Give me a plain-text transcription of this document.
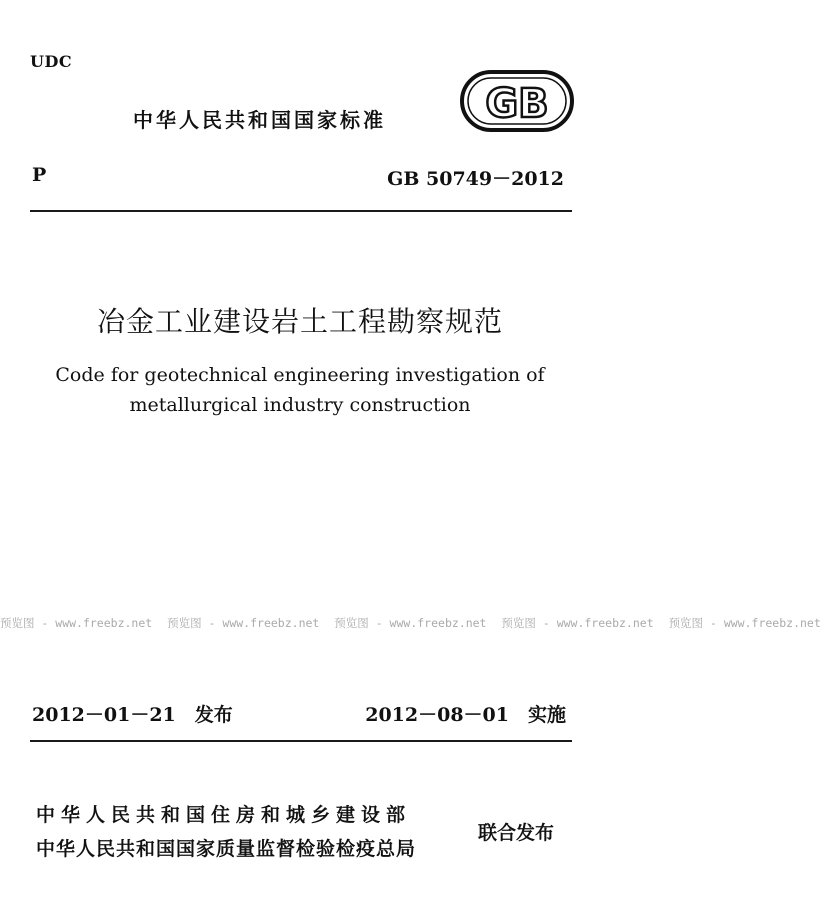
UDC
中华人民共和国国家标准 GB
P	GB 50749－2012
冶金工业建设岩土工程勘察规范
Code for geotechnical engineering investigation of
metallurgical industry construction
预览图 - www.freebz.net 预览图 - www.freebz.net 预览图 - www.freebz.net 预览图 - www.freebz.net 预览图 - www.freebz.net
2012－01－21　发布	2012－08－01　实施
中华人民共和国住房和城乡建设部
中华人民共和国国家质量监督检验检疫总局
联合发布
